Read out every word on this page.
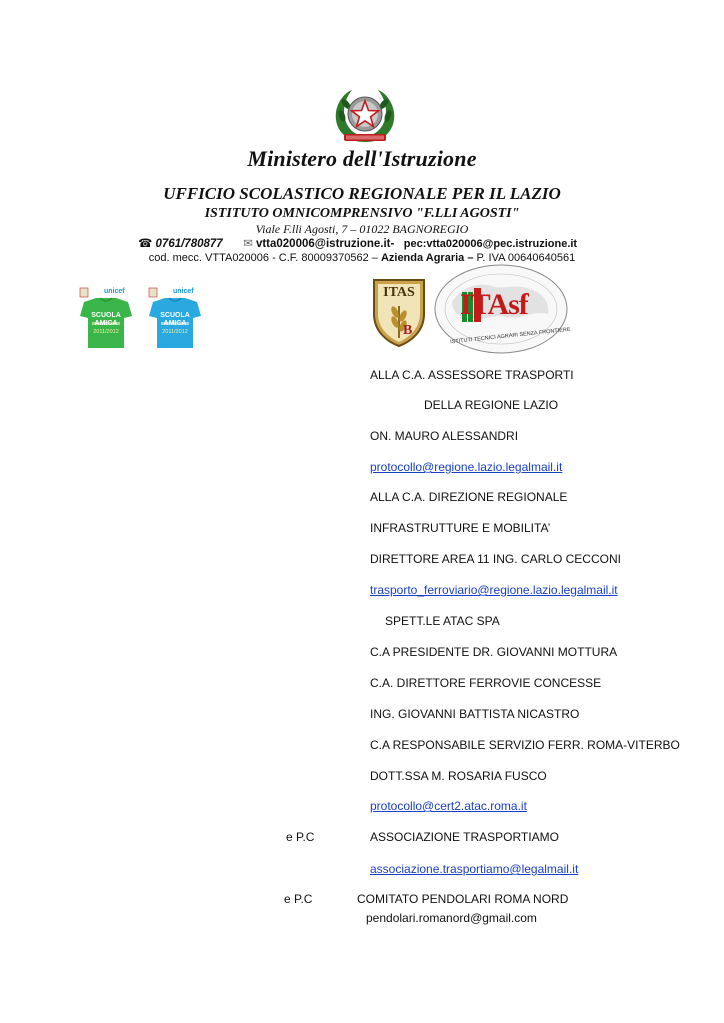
Ministero dell'Istruzione
UFFICIO SCOLASTICO REGIONALE PER IL LAZIO
ISTITUTO OMNICOMPRENSIVO "F.LLI AGOSTI"
Viale F.lli Agosti, 7 – 01022 BAGNOREGIO
☎ 0761/780877 ✉ vtta020006@istruzione.it- pec:vtta020006@pec.istruzione.it
cod. mecc. VTTA020006 - C.F. 80009370562 – Azienda Agraria – P. IVA 00640640561
unicef
SCUOLA AMICA
2011/2012
unicef
SCUOLA AMICA
2011/2012	B
ITAS	ITAsf
ISTITUTI TECNICI AGRARI SENZA FRONTIERE
ALLA C.A. ASSESSORE TRASPORTI
DELLA REGIONE LAZIO
ON. MAURO ALESSANDRI
protocollo@regione.lazio.legalmail.it
ALLA C.A. DIREZIONE REGIONALE
INFRASTRUTTURE E MOBILITA’
DIRETTORE AREA 11 ING. CARLO CECCONI
trasporto_ferroviario@regione.lazio.legalmail.it
SPETT.LE ATAC SPA
C.A PRESIDENTE DR. GIOVANNI MOTTURA
C.A. DIRETTORE FERROVIE CONCESSE
ING. GIOVANNI BATTISTA NICASTRO
C.A RESPONSABILE SERVIZIO FERR. ROMA-VITERBO
DOTT.SSA M. ROSARIA FUSCO
protocollo@cert2.atac.roma.it
e P.C	ASSOCIAZIONE TRASPORTIAMO
associazione.trasportiamo@legalmail.it
e P.C	COMITATO PENDOLARI ROMA NORD
pendolari.romanord@gmail.com
